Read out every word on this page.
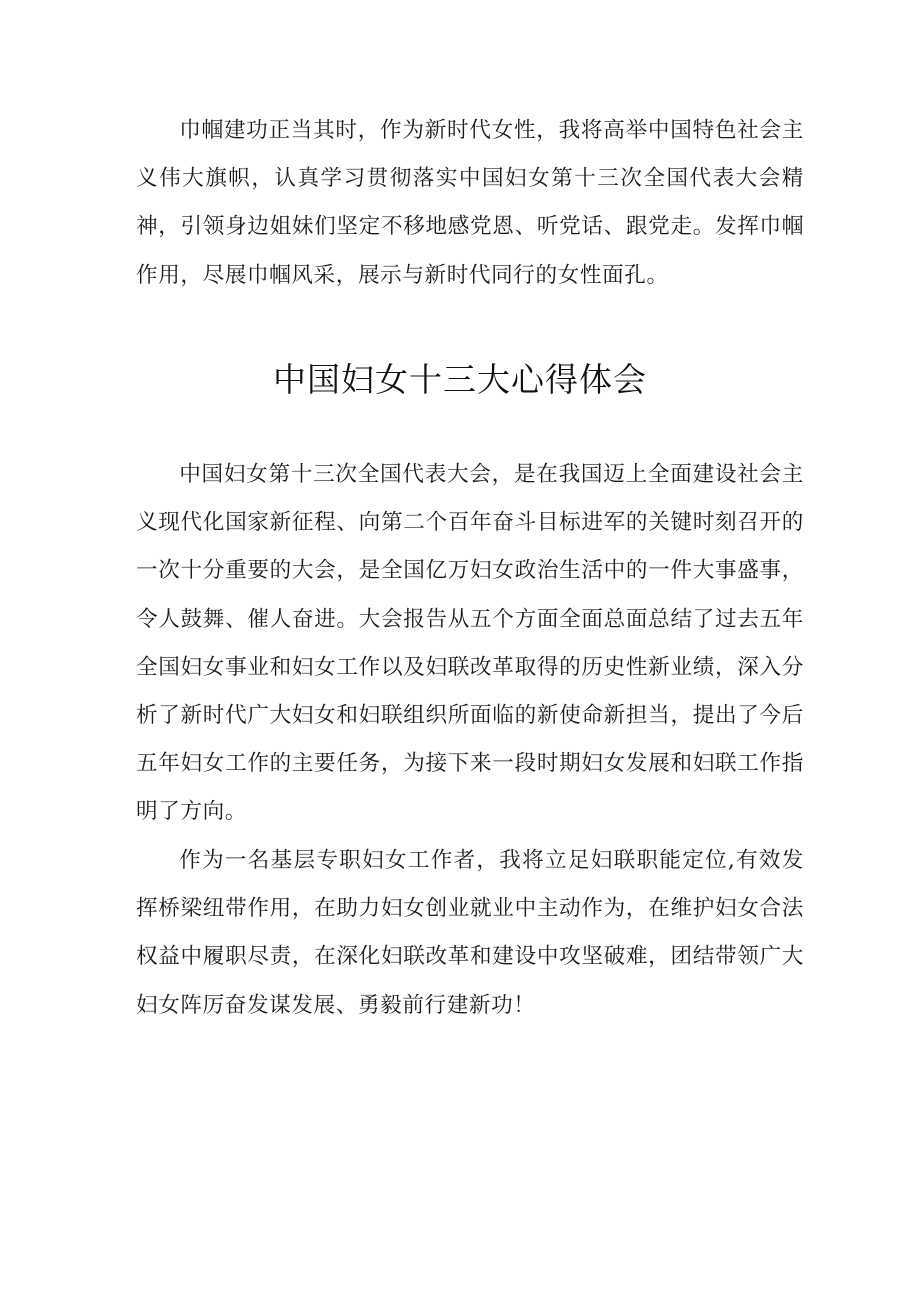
巾帼建功正当其时，作为新时代女性，我将高举中国特色社会主义伟大旗帜，认真学习贯彻落实中国妇女第十三次全国代表大会精神，引领身边姐妹们坚定不移地感党恩、听党话、跟党走。发挥巾帼作用，尽展巾帼风采，展示与新时代同行的女性面孔。

中国妇女十三大心得体会

中国妇女第十三次全国代表大会，是在我国迈上全面建设社会主义现代化国家新征程、向第二个百年奋斗目标进军的关键时刻召开的一次十分重要的大会，是全国亿万妇女政治生活中的一件大事盛事，令人鼓舞、催人奋进。大会报告从五个方面全面总面总结了过去五年全国妇女事业和妇女工作以及妇联改革取得的历史性新业绩，深入分析了新时代广大妇女和妇联组织所面临的新使命新担当，提出了今后五年妇女工作的主要任务，为接下来一段时期妇女发展和妇联工作指明了方向。

作为一名基层专职妇女工作者，我将立足妇联职能定位,有效发挥桥梁纽带作用，在助力妇女创业就业中主动作为，在维护妇女合法权益中履职尽责，在深化妇联改革和建设中攻坚破难，团结带领广大妇女阵厉奋发谋发展、勇毅前行建新功！
